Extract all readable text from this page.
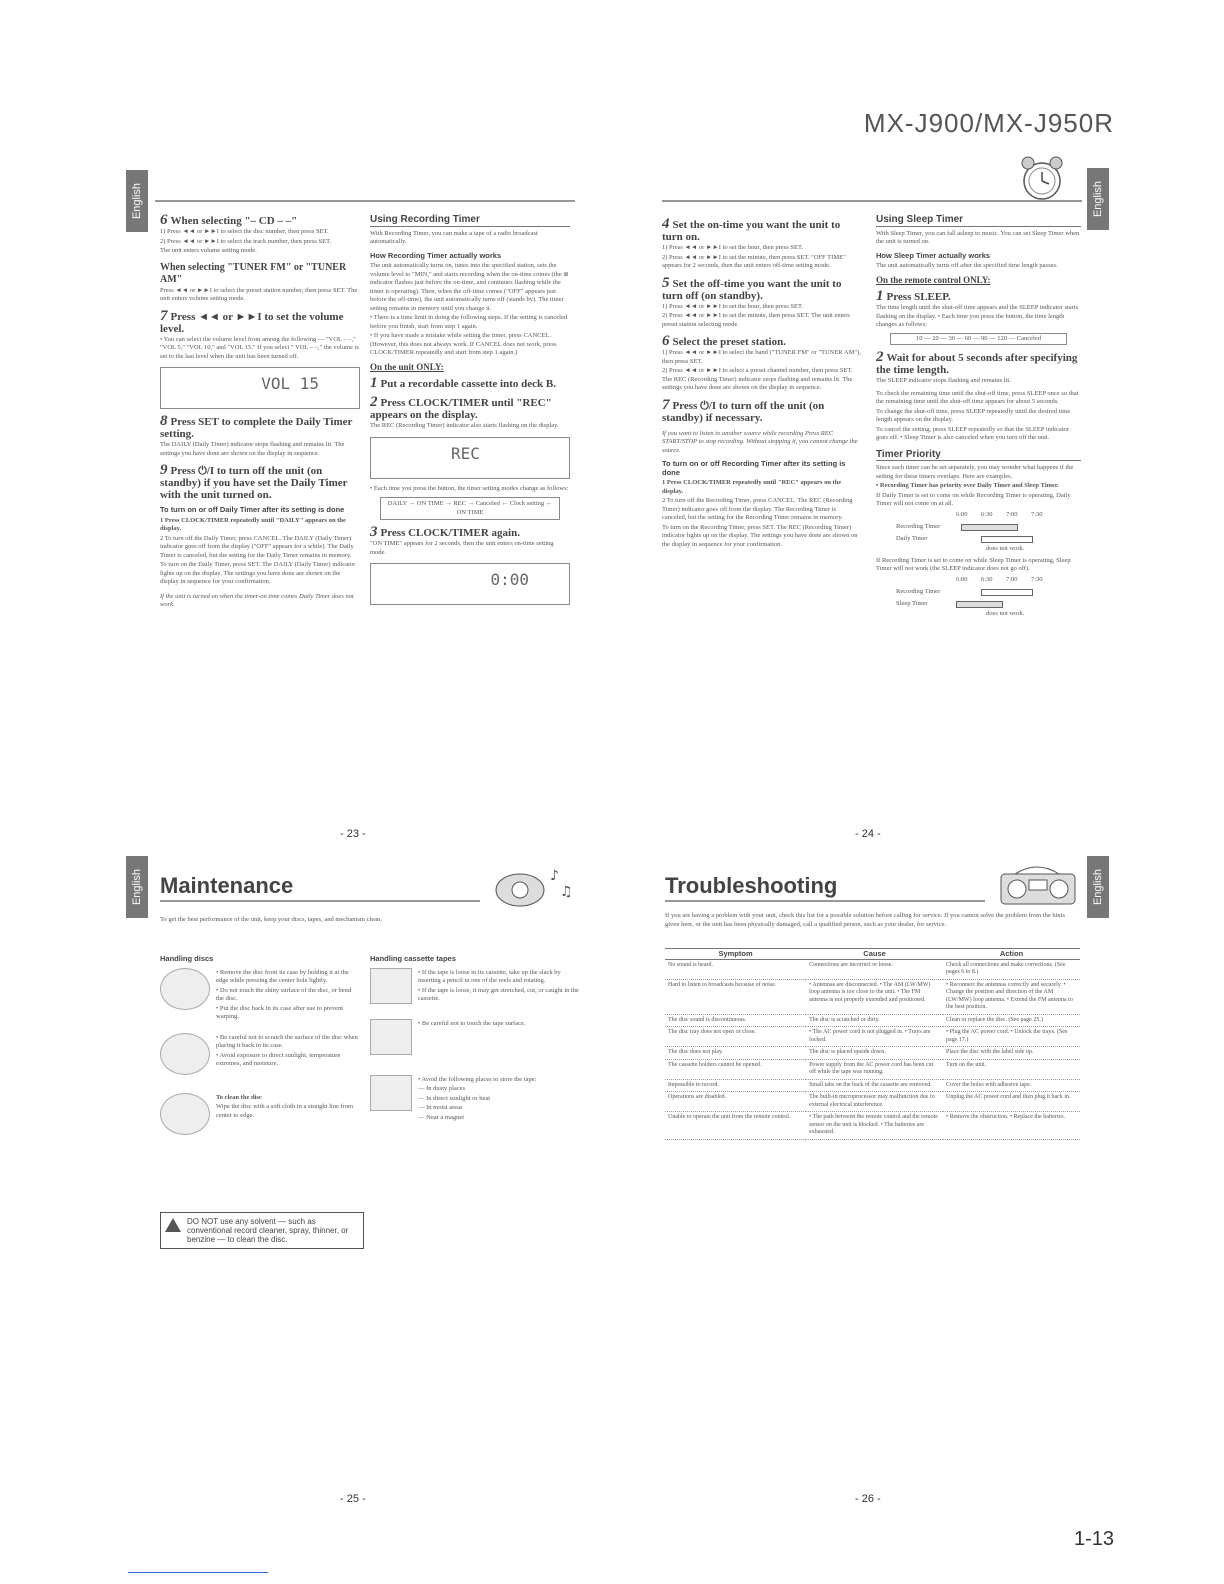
MX-J900/MX-J950R
1-13
English	English
English	English
6 When selecting "– CD – –"
1) Press ◄◄ or ►►I to select the disc number, then press SET.
2) Press ◄◄ or ►►I to select the track number, then press SET.
The unit enters volume setting mode.
When selecting "TUNER FM" or "TUNER AM"
Press ◄◄ or ►►I to select the preset station number, then press SET. The unit enters volume setting mode.
7 Press ◄◄ or ►►I to set the volume level.
• You can select the volume level from among the following — "VOL – –," "VOL 5," "VOL 10," and "VOL 15." If you select " VOL – –," the volume is set to the last level when the unit has been turned off.
VOL 15
8 Press SET to complete the Daily Timer setting.
The DAILY (Daily Timer) indicator stops flashing and remains lit. The settings you have done are shown on the display in sequence.
9 Press ⏻/I to turn off the unit (on standby) if you have set the Daily Timer with the unit turned on.
To turn on or off Daily Timer after its setting is done
1 Press CLOCK/TIMER repeatedly until "DAILY" appears on the display.
2 To turn off the Daily Timer, press CANCEL. The DAILY (Daily Timer) indicator goes off from the display ("OFF" appears for a while). The Daily Timer is canceled, but the setting for the Daily Timer remains in memory.
To turn on the Daily Timer, press SET. The DAILY (Daily Timer) indicator lights up on the display. The settings you have done are shown on the display in sequence for your confirmation.
If the unit is turned on when the timer-on time comes Daily Timer does not work.
Using Recording Timer
With Recording Timer, you can make a tape of a radio broadcast automatically.
How Recording Timer actually works
The unit automatically turns on, tunes into the specified station, sets the volume level to "MIN," and starts recording when the on-time comes (the ⊕ indicator flashes just before the on-time, and continues flashing while the timer is operating). Then, when the off-time comes ("OFF" appears just before the off-time), the unit automatically turns off (stands by). The timer setting remains in memory until you change it.
• There is a time limit in doing the following steps. If the setting is canceled before you finish, start from step 1 again.
• If you have made a mistake while setting the timer, press CANCEL. (However, this does not always work. If CANCEL does not work, press CLOCK/TIMER repeatedly and start from step 1 again.)
On the unit ONLY:
1 Put a recordable cassette into deck B.
2 Press CLOCK/TIMER until "REC" appears on the display.
The REC (Recording Timer) indicator also starts flashing on the display.
REC
• Each time you press the button, the timer setting modes change as follows:
DAILY → ON TIME → REC → Canceled ← Clock setting ← ON TIME
3 Press CLOCK/TIMER again.
"ON TIME" appears for 2 seconds, then the unit enters on-time setting mode.
0:00
- 23 -
4 Set the on-time you want the unit to turn on.
1) Press ◄◄ or ►►I to set the hour, then press SET.
2) Press ◄◄ or ►►I to set the minute, then press SET. "OFF TIME" appears for 2 seconds, then the unit enters off-time setting mode.
5 Set the off-time you want the unit to turn off (on standby).
1) Press ◄◄ or ►►I to set the hour, then press SET.
2) Press ◄◄ or ►►I to set the minute, then press SET. The unit enters preset station selecting mode.
6 Select the preset station.
1) Press ◄◄ or ►►I to select the band ("TUNER FM" or "TUNER AM"), then press SET.
2) Press ◄◄ or ►►I to select a preset channel number, then press SET. The REC (Recording Timer) indicator stops flashing and remains lit. The settings you have done are shown on the display in sequence.
7 Press ⏻/I to turn off the unit (on standby) if necessary.
If you want to listen to another source while recording Press REC START/STOP to stop recording. Without stopping it, you cannot change the source.
To turn on or off Recording Timer after its setting is done
1 Press CLOCK/TIMER repeatedly until "REC" appears on the display.
2 To turn off the Recording Timer, press CANCEL. The REC (Recording Timer) indicator goes off from the display. The Recording Timer is canceled, but the setting for the Recording Timer remains in memory.
To turn on the Recording Timer, press SET. The REC (Recording Timer) indicator lights up on the display. The settings you have done are shown on the display in sequence for your confirmation.
Using Sleep Timer
With Sleep Timer, you can fall asleep to music. You can set Sleep Timer when the unit is turned on.
How Sleep Timer actually works
The unit automatically turns off after the specified time length passes.
On the remote control ONLY:
1 Press SLEEP.
The time length until the shut-off time appears and the SLEEP indicator starts flashing on the display. • Each time you press the button, the time length changes as follows:
10 — 20 — 30 — 60 — 90 — 120 — Canceled
2 Wait for about 5 seconds after specifying the time length.
The SLEEP indicator stops flashing and remains lit.
To check the remaining time until the shut-off time, press SLEEP once so that the remaining time until the shut-off time appears for about 5 seconds.
To change the shut-off time, press SLEEP repeatedly until the desired time length appears on the display.
To cancel the setting, press SLEEP repeatedly so that the SLEEP indicator goes off. • Sleep Timer is also canceled when you turn off the unit.
Timer Priority
Since each timer can be set separately, you may wonder what happens if the setting for these timers overlaps. Here are examples.
• Recording Timer has priority over Daily Timer and Sleep Timer.
If Daily Timer is set to come on while Recording Timer is operating, Daily Timer will not come on at all.
6:00 6:30 7:00 7:30
Recording Timer
Daily Timer
does not work.
If Recording Timer is set to come on while Sleep Timer is operating, Sleep Timer will not work (the SLEEP indicator does not go off).
6:00 6:30 7:00 7:30
Recording Timer
Sleep Timer
does not work.
- 24 -
Maintenance	♪
♫
To get the best performance of the unit, keep your discs, tapes, and mechanism clean.
Handling discs
• Remove the disc from its case by holding it at the edge while pressing the center hole lightly.
• Do not touch the shiny surface of the disc, or bend the disc.
• Put the disc back in its case after use to prevent warping.
• Be careful not to scratch the surface of the disc when placing it back in its case.
• Avoid exposure to direct sunlight, temperature extremes, and moisture.
To clean the disc
Wipe the disc with a soft cloth in a straight line from center to edge.
Handling cassette tapes
• If the tape is loose in its cassette, take up the slack by inserting a pencil in one of the reels and rotating.
• If the tape is loose, it may get stretched, cut, or caught in the cassette.
• Be careful not to touch the tape surface.
• Avoid the following places to store the tape:
— In dusty places
— In direct sunlight or heat
— In moist areas
— Near a magnet
DO NOT use any solvent — such as conventional record cleaner, spray, thinner, or benzine — to clean the disc.
- 25 -
Troubleshooting
If you are having a problem with your unit, check this list for a possible solution before calling for service. If you cannot solve the problem from the hints given here, or the unit has been physically damaged, call a qualified person, such as your dealer, for service.
Symptom	Cause	Action
No sound is heard.	Connections are incorrect or loose.	Check all connections and make corrections. (See pages 6 to 8.)
Hard to listen to broadcasts because of noise.	• Antennas are disconnected. • The AM (LW/MW) loop antenna is too close to the unit. • The FM antenna is not properly extended and positioned.	• Reconnect the antennas correctly and securely. • Change the position and direction of the AM (LW/MW) loop antenna. • Extend the FM antenna to the best position.
The disc sound is discontinuous.	The disc is scratched or dirty.	Clean or replace the disc. (See page 25.)
The disc tray does not open or close.	• The AC power cord is not plugged in. • Trays are locked.	• Plug the AC power cord. • Unlock the trays. (See page 17.)
The disc does not play.	The disc is placed upside down.	Place the disc with the label side up.
The cassette holders cannot be opened.	Power supply from the AC power cord has been cut off while the tape was running.	Turn on the unit.
Impossible to record.	Small tabs on the back of the cassette are removed.	Cover the holes with adhesive tape.
Operations are disabled.	The built-in microprocessor may malfunction due to external electrical interference.	Unplug the AC power cord and then plug it back in.
Unable to operate the unit from the remote control.	• The path between the remote control and the remote sensor on the unit is blocked. • The batteries are exhausted.	• Remove the obstruction. • Replace the batteries.
- 26 -
